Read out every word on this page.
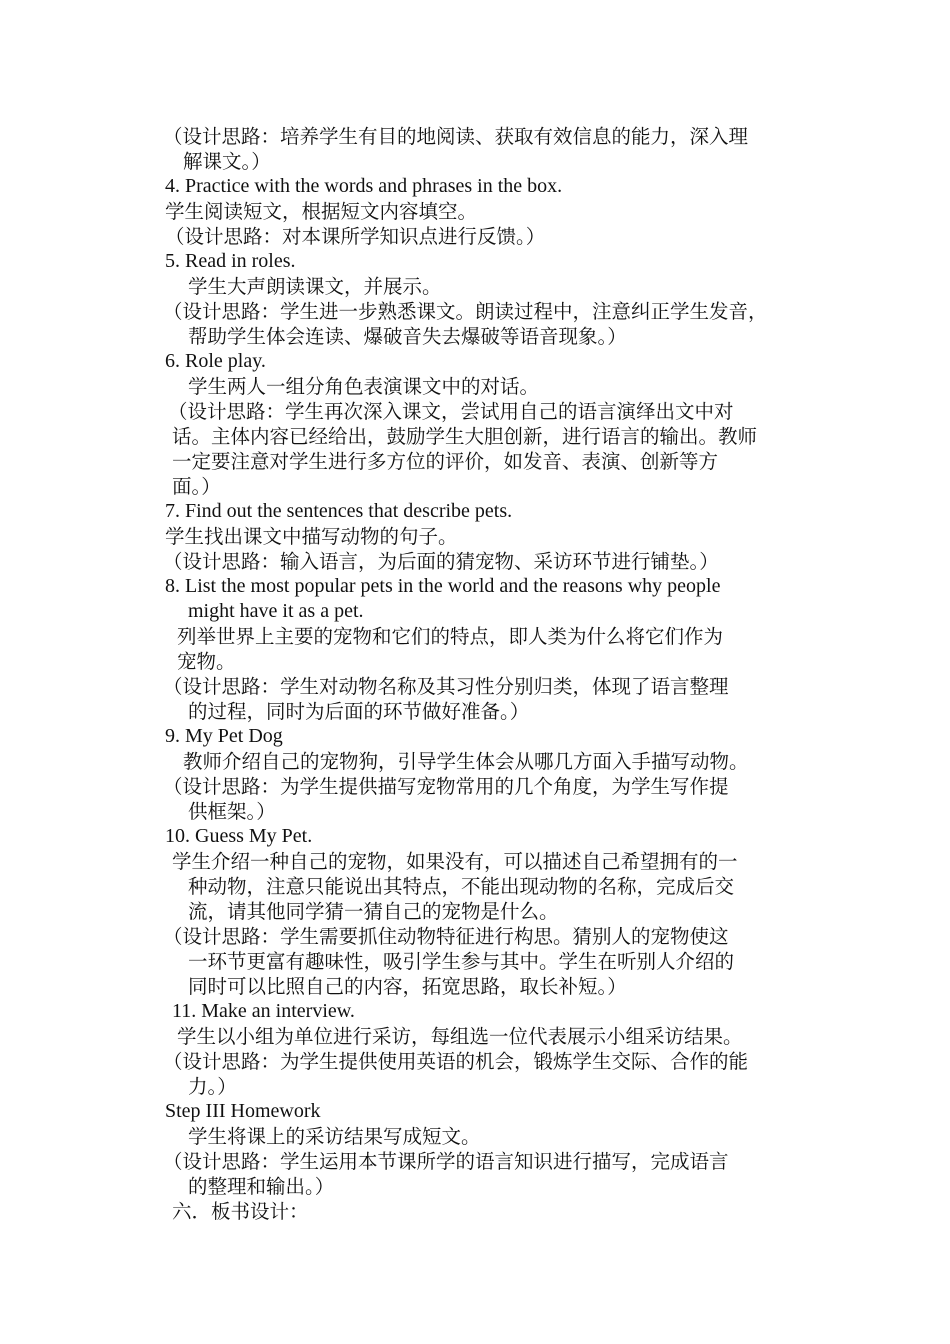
（设计思路：培养学生有目的地阅读、获取有效信息的能力，深入理
解课文。）
4. Practice with the words and phrases in the box.
学生阅读短文，根据短文内容填空。
（设计思路：对本课所学知识点进行反馈。）
5. Read in roles.
学生大声朗读课文，并展示。
（设计思路：学生进一步熟悉课文。朗读过程中，注意纠正学生发音，
帮助学生体会连读、爆破音失去爆破等语音现象。）
6. Role play.
学生两人一组分角色表演课文中的对话。
（设计思路：学生再次深入课文，尝试用自己的语言演绎出文中对
话。主体内容已经给出，鼓励学生大胆创新，进行语言的输出。教师
一定要注意对学生进行多方位的评价，如发音、表演、创新等方
面。）
7. Find out the sentences that describe pets.
学生找出课文中描写动物的句子。
（设计思路：输入语言，为后面的猜宠物、采访环节进行铺垫。）
8. List the most popular pets in the world and the reasons why people
might have it as a pet.
列举世界上主要的宠物和它们的特点，即人类为什么将它们作为
宠物。
（设计思路：学生对动物名称及其习性分别归类，体现了语言整理
的过程，同时为后面的环节做好准备。）
9. My Pet Dog
教师介绍自己的宠物狗，引导学生体会从哪几方面入手描写动物。
（设计思路：为学生提供描写宠物常用的几个角度，为学生写作提
供框架。）
10. Guess My Pet.
学生介绍一种自己的宠物，如果没有，可以描述自己希望拥有的一
种动物，注意只能说出其特点，不能出现动物的名称，完成后交
流，请其他同学猜一猜自己的宠物是什么。
（设计思路：学生需要抓住动物特征进行构思。猜别人的宠物使这
一环节更富有趣味性，吸引学生参与其中。学生在听别人介绍的
同时可以比照自己的内容，拓宽思路，取长补短。）
11. Make an interview.
学生以小组为单位进行采访，每组选一位代表展示小组采访结果。
（设计思路：为学生提供使用英语的机会，锻炼学生交际、合作的能
力。）
Step III Homework
学生将课上的采访结果写成短文。
（设计思路：学生运用本节课所学的语言知识进行描写，完成语言
的整理和输出。）
六．板书设计：
